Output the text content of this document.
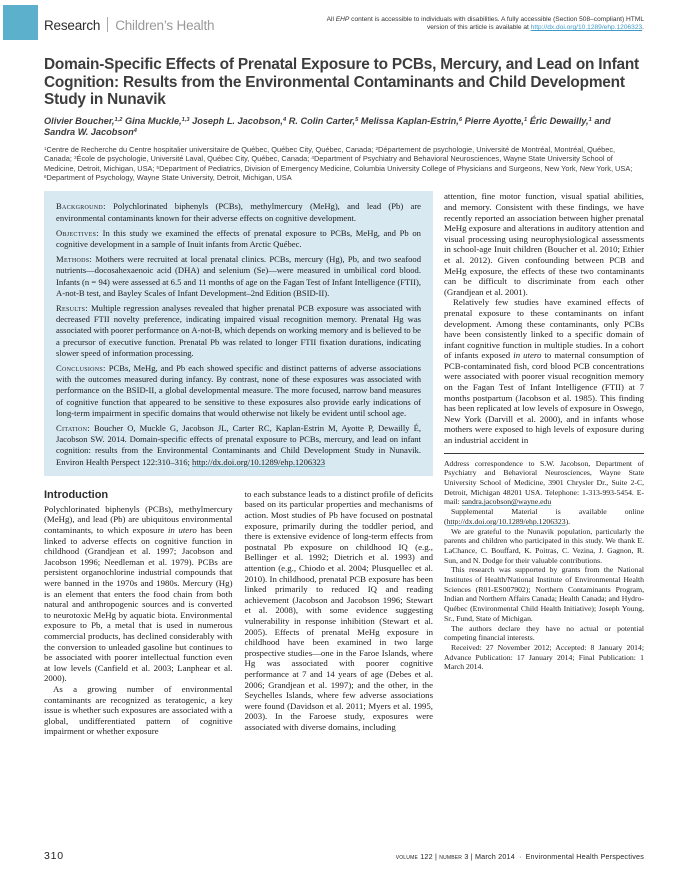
Research Children’s Health	All EHP content is accessible to individuals with disabilities. A fully accessible (Section 508–compliant) HTML version of this article is available at http://dx.doi.org/10.1289/ehp.1206323.
Domain-Specific Effects of Prenatal Exposure to PCBs, Mercury, and Lead on Infant Cognition: Results from the Environmental Contaminants and Child Development Study in Nunavik

Olivier Boucher,$^{1,2}$ Gina Muckle,$^{1,3}$ Joseph L. Jacobson,$^4$ R. Colin Carter,$^5$ Melissa Kaplan-Estrin,$^6$ Pierre Ayotte,$^1$ Éric Dewailly,$^1$ and Sandra W. Jacobson$^4$

$^1$Centre de Recherche du Centre hospitalier universitaire de Québec, Québec City, Québec, Canada; $^2$Département de psychologie, Université de Montréal, Montréal, Québec, Canada; $^3$École de psychologie, Université Laval, Québec City, Québec, Canada; $^4$Department of Psychiatry and Behavioral Neurosciences, Wayne State University School of Medicine, Detroit, Michigan, USA; $^5$Department of Pediatrics, Division of Emergency Medicine, Columbia University College of Physicians and Surgeons, New York, New York, USA; $^6$Department of Psychology, Wayne State University, Detroit, Michigan, USA

Background: Polychlorinated biphenyls (PCBs), methylmercury (MeHg), and lead (Pb) are environmental contaminants known for their adverse effects on cognitive development.

Objectives: In this study we examined the effects of prenatal exposure to PCBs, MeHg, and Pb on cognitive development in a sample of Inuit infants from Arctic Québec.

Methods: Mothers were recruited at local prenatal clinics. PCBs, mercury (Hg), Pb, and two seafood nutrients—docosahexaenoic acid (DHA) and selenium (Se)—were measured in umbilical cord blood. Infants (n = 94) were assessed at 6.5 and 11 months of age on the Fagan Test of Infant Intelligence (FTII), A-not-B test, and Bayley Scales of Infant Development–2nd Edition (BSID-II).

Results: Multiple regression analyses revealed that higher prenatal PCB exposure was associated with decreased FTII novelty preference, indicating impaired visual recognition memory. Prenatal Hg was associated with poorer performance on A-not-B, which depends on working memory and is believed to be a precursor of executive function. Prenatal Pb was related to longer FTII fixation durations, indicating slower speed of information processing.

Conclusions: PCBs, MeHg, and Pb each showed specific and distinct patterns of adverse associations with the outcomes measured during infancy. By contrast, none of these exposures was associated with performance on the BSID-II, a global developmental measure. The more focused, narrow band measures of cognitive function that appeared to be sensitive to these exposures also provide early indications of long-term impairment in specific domains that would otherwise not likely be evident until school age.

Citation: Boucher O, Muckle G, Jacobson JL, Carter RC, Kaplan-Estrin M, Ayotte P, Dewailly É, Jacobson SW. 2014. Domain-specific effects of prenatal exposure to PCBs, mercury, and lead on infant cognition: results from the Environmental Contaminants and Child Development Study in Nunavik. Environ Health Perspect 122:310–316; http://dx.doi.org/10.1289/ehp.1206323

Introduction

Polychlorinated biphenyls (PCBs), methylmercury (MeHg), and lead (Pb) are ubiquitous environmental contaminants, to which exposure in utero has been linked to adverse effects on cognitive function in childhood (Grandjean et al. 1997; Jacobson and Jacobson 1996; Needleman et al. 1979). PCBs are persistent organochlorine industrial compounds that were banned in the 1970s and 1980s. Mercury (Hg) is an element that enters the food chain from both natural and anthropogenic sources and is converted to neurotoxic MeHg by aquatic biota. Environmental exposure to Pb, a metal that is used in numerous commercial products, has declined considerably with the conversion to unleaded gasoline but continues to be associated with poorer intellectual function even at low levels (Canfield et al. 2003; Lanphear et al. 2000).

As a growing number of environmental contaminants are recognized as teratogenic, a key issue is whether such exposures are associated with a global, undifferentiated pattern of cognitive impairment or whether exposure

to each substance leads to a distinct profile of deficits based on its particular properties and mechanisms of action. Most studies of Pb have focused on postnatal exposure, primarily during the toddler period, and there is extensive evidence of long-term effects from postnatal Pb exposure on childhood IQ (e.g., Bellinger et al. 1992; Dietrich et al. 1993) and attention (e.g., Chiodo et al. 2004; Plusquellec et al. 2010). In childhood, prenatal PCB exposure has been linked primarily to reduced IQ and reading achievement (Jacobson and Jacobson 1996; Stewart et al. 2008), with some evidence suggesting vulnerability in response inhibition (Stewart et al. 2005). Effects of prenatal MeHg exposure in childhood have been examined in two large prospective studies—one in the Faroe Islands, where Hg was associated with poorer cognitive performance at 7 and 14 years of age (Debes et al. 2006; Grandjean et al. 1997); and the other, in the Seychelles Islands, where few adverse associations were found (Davidson et al. 2011; Myers et al. 1995, 2003). In the Faroese study, exposures were associated with diverse domains, including

attention, fine motor function, visual spatial abilities, and memory. Consistent with these findings, we have recently reported an association between higher prenatal MeHg exposure and alterations in auditory attention and visual processing using neurophysiological assessments in school-age Inuit children (Boucher et al. 2010; Ethier et al. 2012). Given confounding between PCB and MeHg exposure, the effects of these two contaminants can be difficult to discriminate from each other (Grandjean et al. 2001).

Relatively few studies have examined effects of prenatal exposure to these contaminants on infant development. Among these contaminants, only PCBs have been consistently linked to a specific domain of infant cognitive function in multiple studies. In a cohort of infants exposed in utero to maternal consumption of PCB-contaminated fish, cord blood PCB concentrations were associated with poorer visual recognition memory on the Fagan Test of Infant Intelligence (FTII) at 7 months postpartum (Jacobson et al. 1985). This finding has been replicated at low levels of exposure in Oswego, New York (Darvill et al. 2000), and in infants whose mothers were exposed to high levels of exposure during an industrial accident in

Address correspondence to S.W. Jacobson, Department of Psychiatry and Behavioral Neurosciences, Wayne State University School of Medicine, 3901 Chrysler Dr., Suite 2-C, Detroit, Michigan 48201 USA. Telephone: 1-313-993-5454. E-mail: sandra.jacobson@wayne.edu

Supplemental Material is available online (http://dx.doi.org/10.1289/ehp.1206323).

We are grateful to the Nunavik population, particularly the parents and children who participated in this study. We thank E. LaChance, C. Bouffard, K. Poitras, C. Vezina, J. Gagnon, R. Sun, and N. Dodge for their valuable contributions.

This research was supported by grants from the National Institutes of Health/National Institute of Environmental Health Sciences (R01-ES007902); Northern Contaminants Program, Indian and Northern Affairs Canada; Health Canada; and Hydro-Québec (Environmental Child Health Initiative); Joseph Young, Sr., Fund, State of Michigan.

The authors declare they have no actual or potential competing financial interests.

Received: 27 November 2012; Accepted: 8 January 2014; Advance Publication: 17 January 2014; Final Publication: 1 March 2014.

310	volume 122 | number 3 | March 2014 · Environmental Health Perspectives
